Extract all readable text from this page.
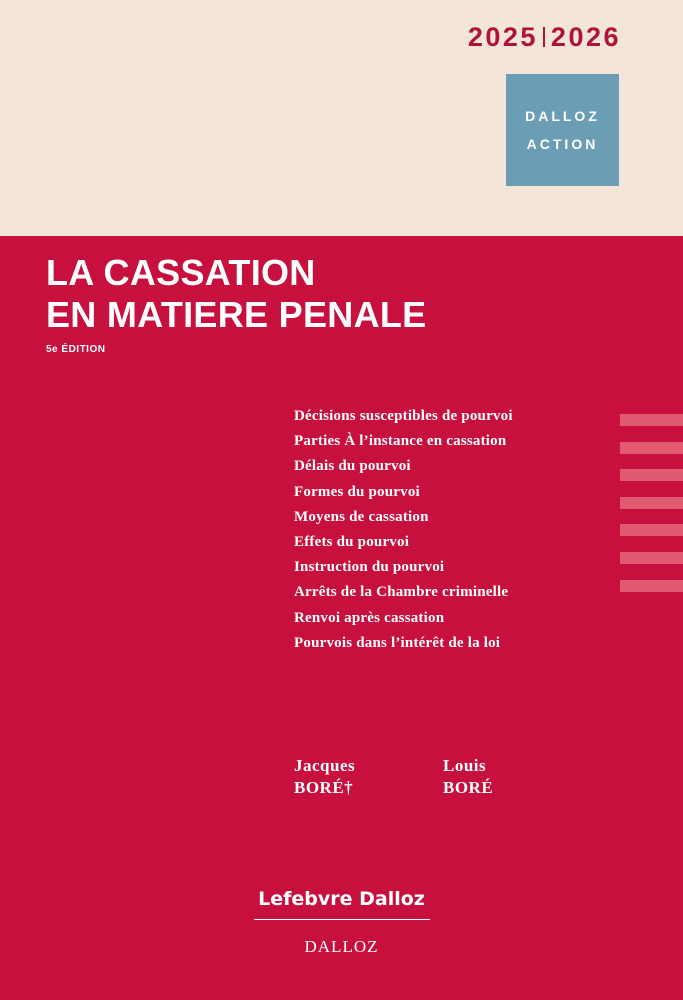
2025 2026
DALLOZ
ACTION
LA CASSATION
EN MATIERE PENALE
5e ÉDITION
Décisions susceptibles de pourvoi
Parties À l’instance en cassation
Délais du pourvoi
Formes du pourvoi
Moyens de cassation
Effets du pourvoi
Instruction du pourvoi
Arrêts de la Chambre criminelle
Renvoi après cassation
Pourvois dans l’intérêt de la loi
Jacques
BORÉ†
Louis
BORÉ
Lefebvre Dalloz
DALLOZ
